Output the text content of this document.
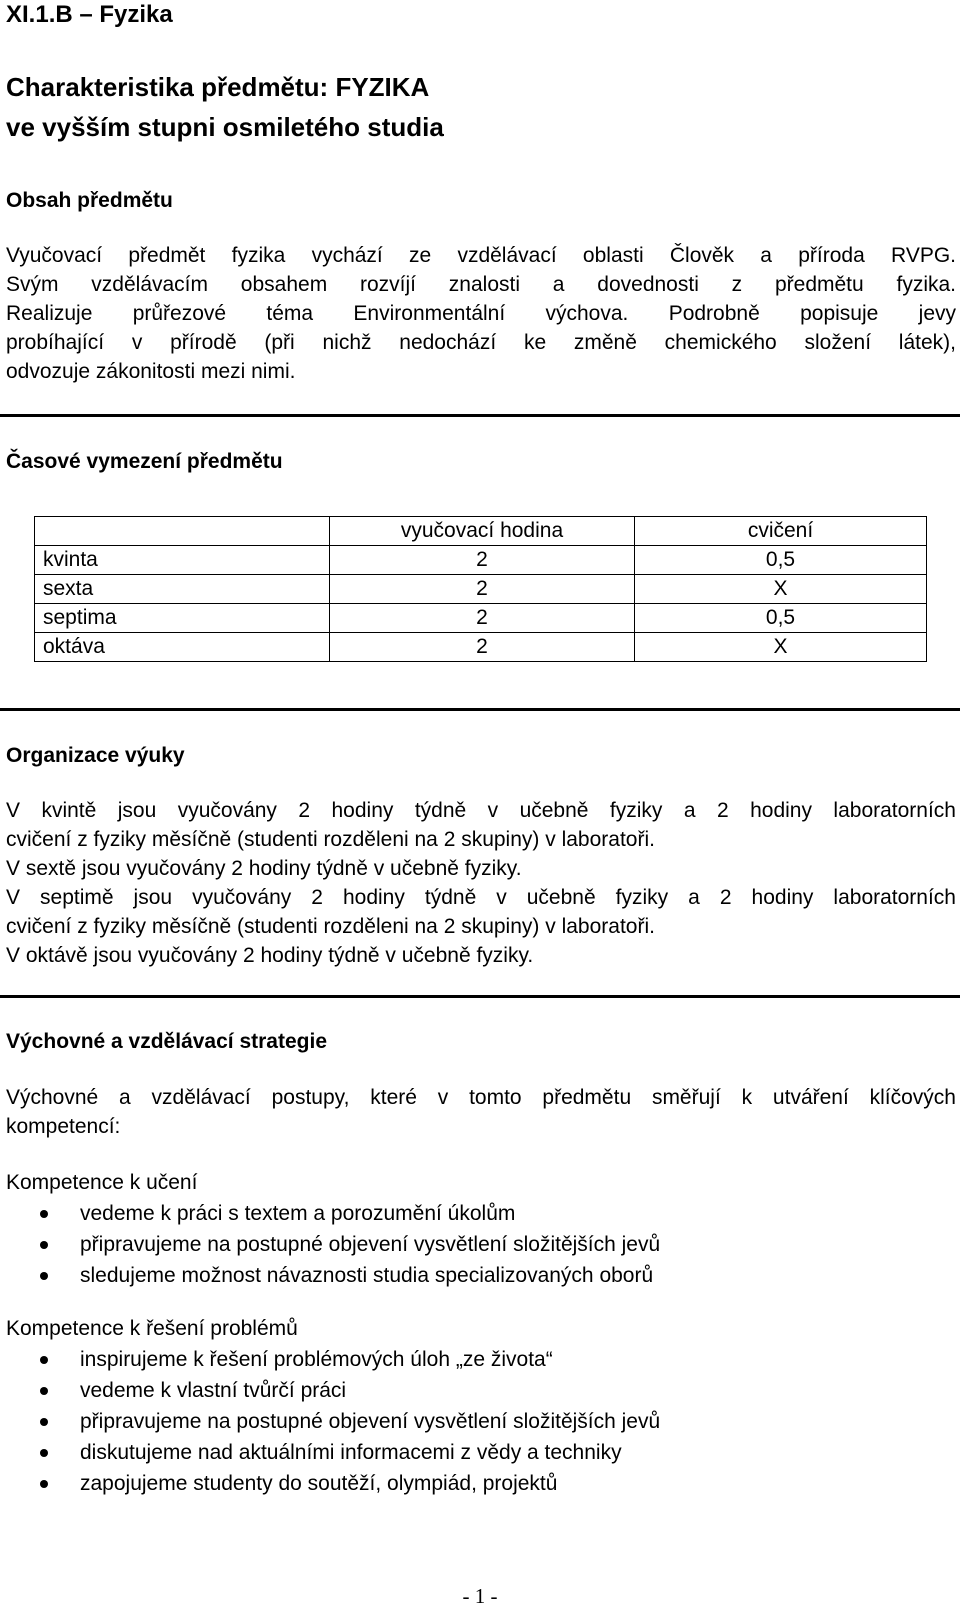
XI.1.B – Fyzika
Charakteristika předmětu: FYZIKA
ve vyšším stupni osmiletého studia
Obsah předmětu
Vyučovací předmět fyzika vychází ze vzdělávací oblasti Člověk a příroda RVPG.
Svým vzdělávacím obsahem rozvíjí znalosti a dovednosti z předmětu fyzika.
Realizuje průřezové téma Environmentální výchova. Podrobně popisuje jevy
probíhající v přírodě (při nichž nedochází ke změně chemického složení látek),
odvozuje zákonitosti mezi nimi.
Časové vymezení předmětu
	vyučovací hodina	cvičení
kvinta	2	0,5
sexta	2	X
septima	2	0,5
oktáva	2	X
Organizace výuky
V kvintě jsou vyučovány 2 hodiny týdně v učebně fyziky a 2 hodiny laboratorních
cvičení z fyziky měsíčně (studenti rozděleni na 2 skupiny) v laboratoři.
V sextě jsou vyučovány 2 hodiny týdně v učebně fyziky.
V septimě jsou vyučovány 2 hodiny týdně v učebně fyziky a 2 hodiny laboratorních
cvičení z fyziky měsíčně (studenti rozděleni na 2 skupiny) v laboratoři.
V oktávě jsou vyučovány 2 hodiny týdně v učebně fyziky.
Výchovné a vzdělávací strategie
Výchovné a vzdělávací postupy, které v tomto předmětu směřují k utváření klíčových
kompetencí:
Kompetence k učení
vedeme k práci s textem a porozumění úkolům
připravujeme na postupné objevení vysvětlení složitějších jevů
sledujeme možnost návaznosti studia specializovaných oborů
Kompetence k řešení problémů
inspirujeme k řešení problémových úloh „ze života“
vedeme k vlastní tvůrčí práci
připravujeme na postupné objevení vysvětlení složitějších jevů
diskutujeme nad aktuálními informacemi z vědy a techniky
zapojujeme studenty do soutěží, olympiád, projektů
- 1 -
